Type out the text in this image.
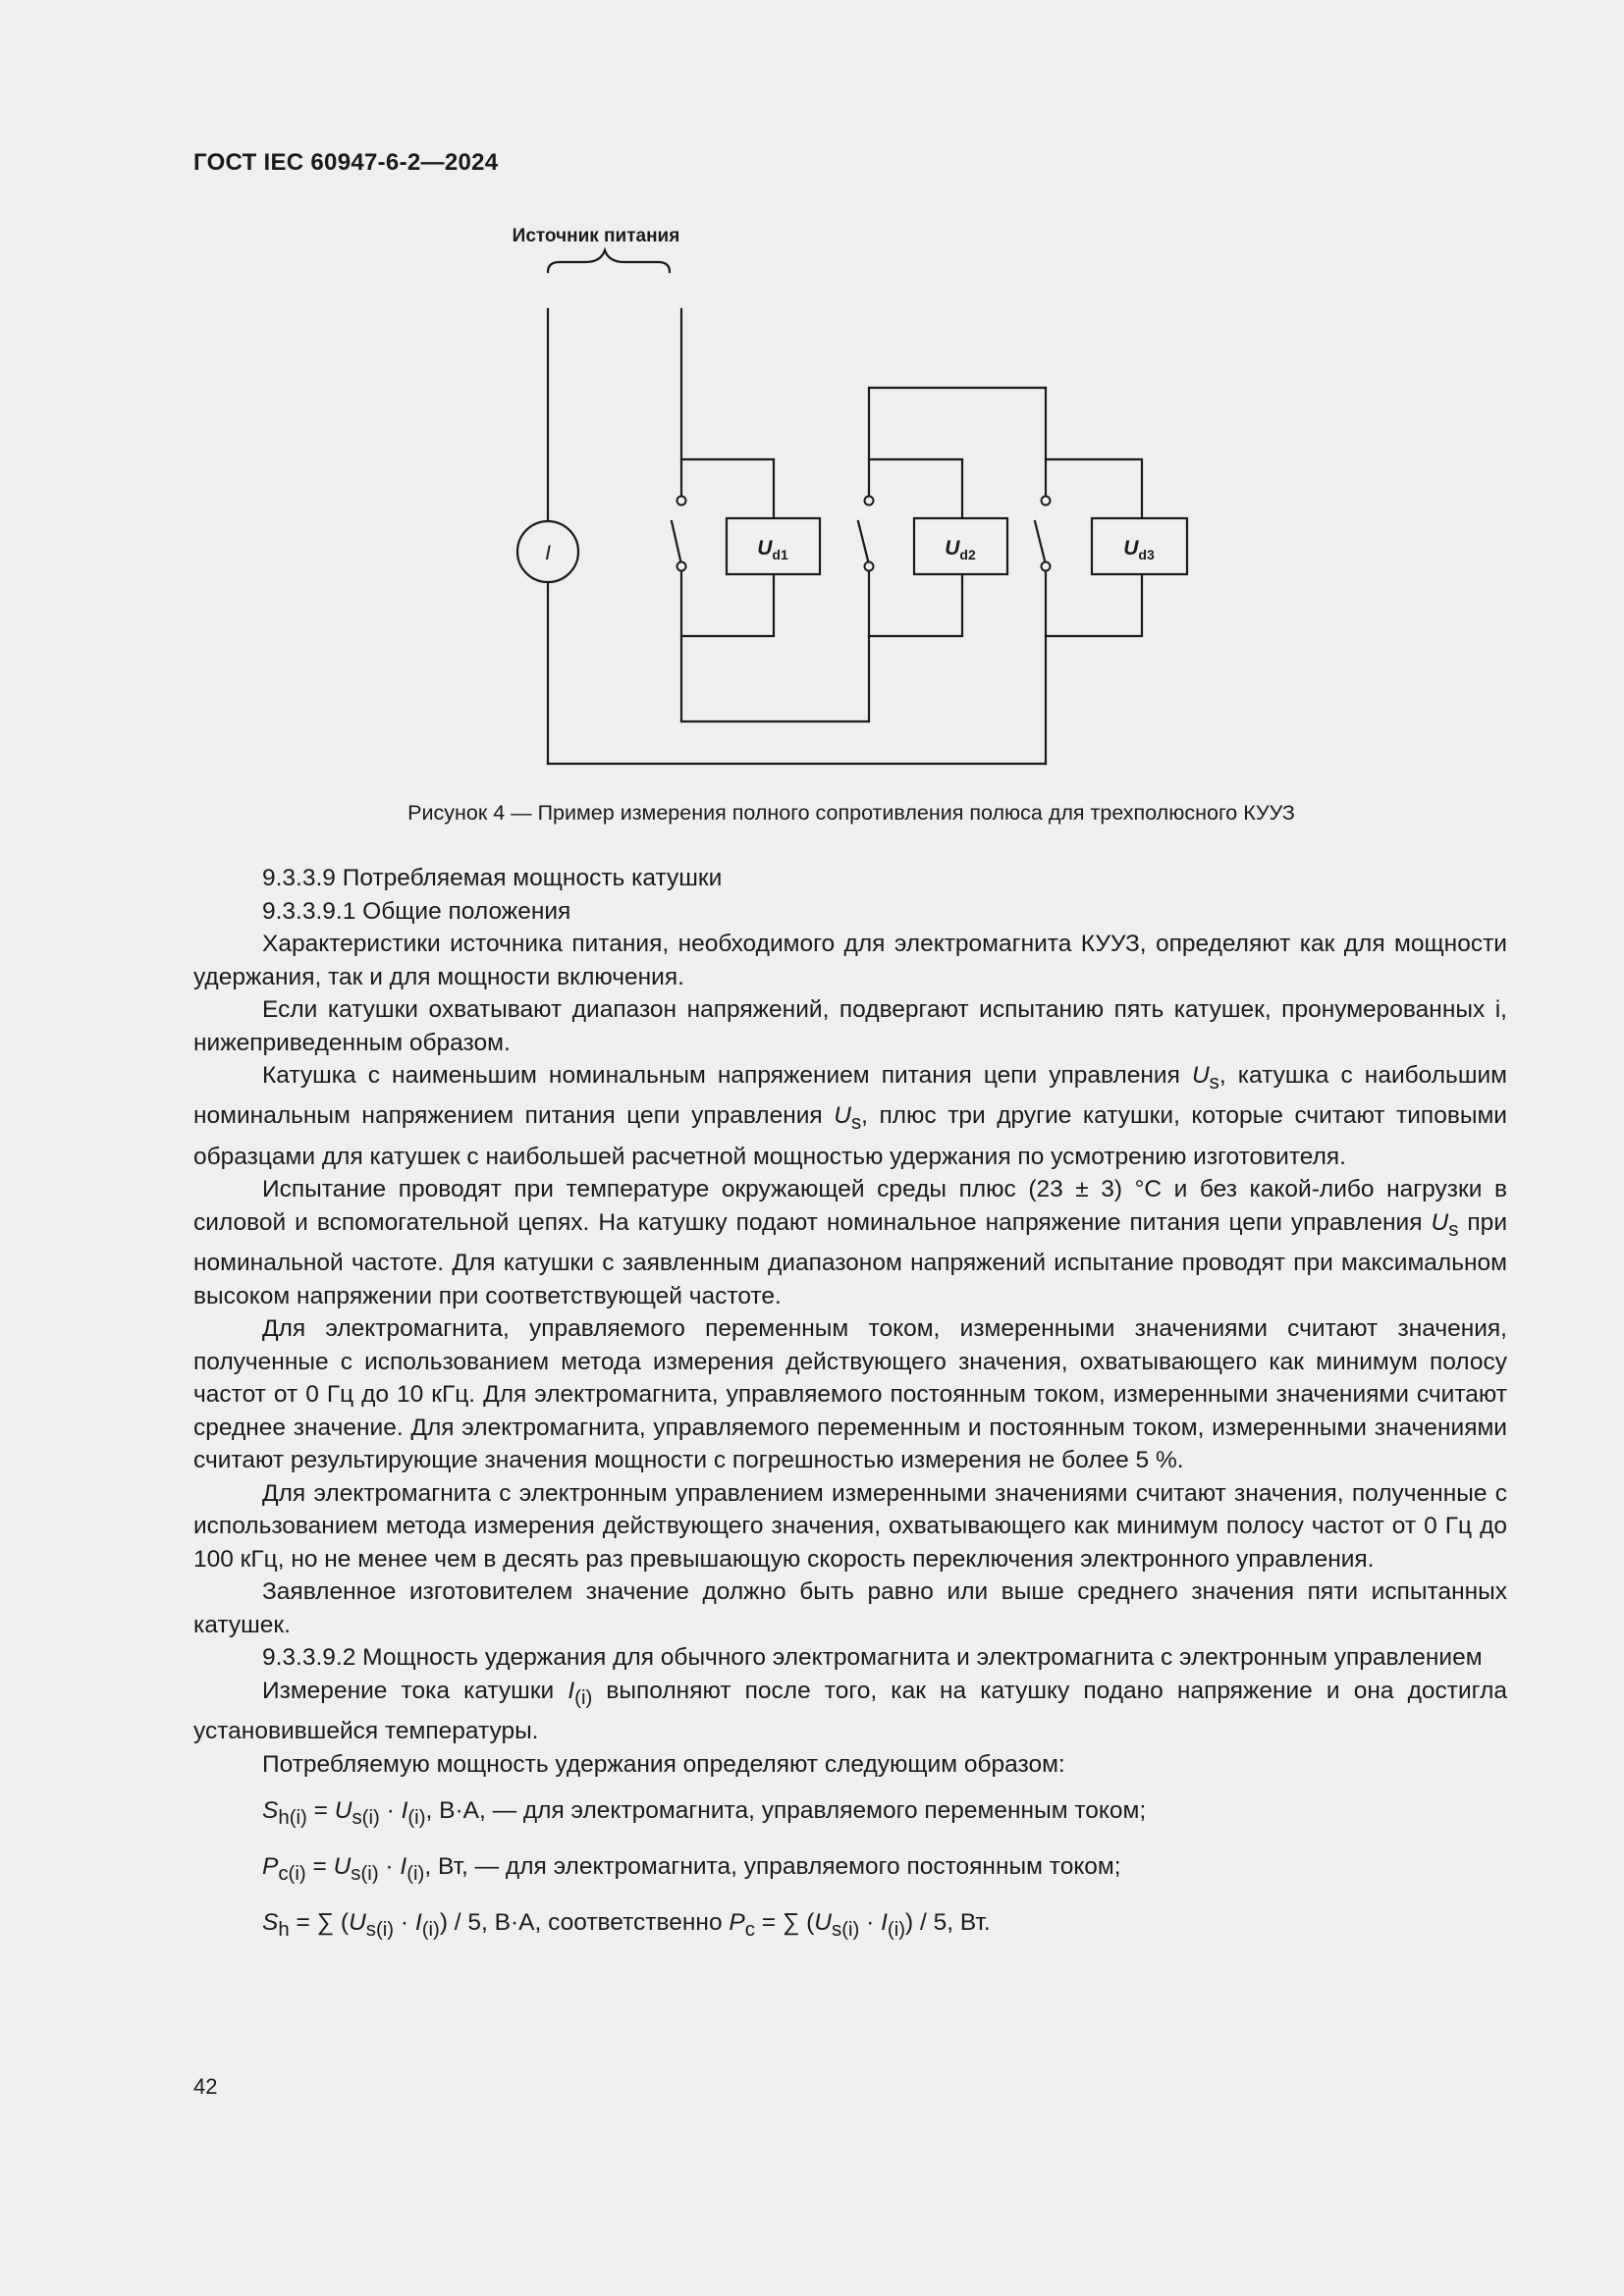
ГОСТ IEC 60947-6-2—2024
I	$U_{d1}$	$U_{d2}$	$U_{d3}$
Источник питания
Рисунок 4 — Пример измерения полного сопротивления полюса для трехполюсного КУУЗ

9.3.3.9 Потребляемая мощность катушки

9.3.3.9.1 Общие положения

Характеристики источника питания, необходимого для электромагнита КУУЗ, определяют как для мощности удержания, так и для мощности включения.

Если катушки охватывают диапазон напряжений, подвергают испытанию пять катушек, пронумерованных i, нижеприведенным образом.

Катушка с наименьшим номинальным напряжением питания цепи управления $U_s$, катушка с наибольшим номинальным напряжением питания цепи управления $U_s$, плюс три другие катушки, которые считают типовыми образцами для катушек с наибольшей расчетной мощностью удержания по усмотрению изготовителя.

Испытание проводят при температуре окружающей среды плюс (23 ± 3) °С и без какой-либо нагрузки в силовой и вспомогательной цепях. На катушку подают номинальное напряжение питания цепи управления $U_s$ при номинальной частоте. Для катушки с заявленным диапазоном напряжений испытание проводят при максимальном высоком напряжении при соответствующей частоте.

Для электромагнита, управляемого переменным током, измеренными значениями считают значения, полученные с использованием метода измерения действующего значения, охватывающего как минимум полосу частот от 0 Гц до 10 кГц. Для электромагнита, управляемого постоянным током, измеренными значениями считают среднее значение. Для электромагнита, управляемого переменным и постоянным током, измеренными значениями считают результирующие значения мощности с погрешностью измерения не более 5 %.

Для электромагнита с электронным управлением измеренными значениями считают значения, полученные с использованием метода измерения действующего значения, охватывающего как минимум полосу частот от 0 Гц до 100 кГц, но не менее чем в десять раз превышающую скорость переключения электронного управления.

Заявленное изготовителем значение должно быть равно или выше среднего значения пяти испытанных катушек.

9.3.3.9.2 Мощность удержания для обычного электромагнита и электромагнита с электронным управлением

Измерение тока катушки $I_{(i)}$ выполняют после того, как на катушку подано напряжение и она достигла установившейся температуры.

Потребляемую мощность удержания определяют следующим образом:

$S_{h(i)} = U_{s(i)} \cdot I_{(i)}$, В·А, — для электромагнита, управляемого переменным током;

$P_{c(i)} = U_{s(i)} \cdot I_{(i)}$, Вт, — для электромагнита, управляемого постоянным током;

$S_h$ = ∑ $(U_{s(i)} \cdot I_{(i)}) / 5$, В·А, соответственно $P_c$ = ∑ $(U_{s(i)} \cdot I_{(i)}) / 5$, Вт.

42
